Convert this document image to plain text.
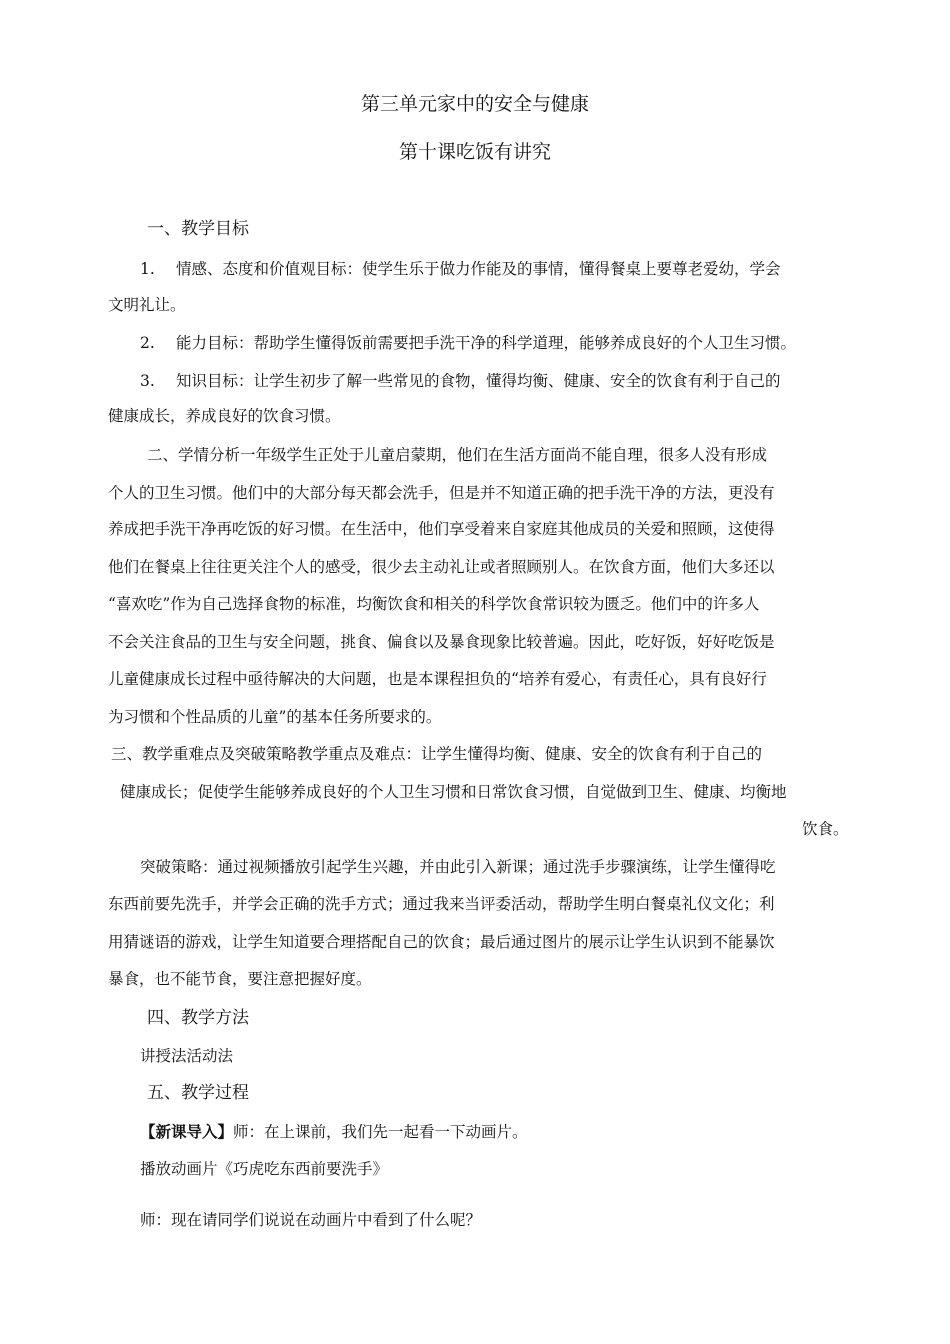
第三单元家中的安全与健康
第十课吃饭有讲究
一、教学目标
1. 情感、态度和价值观目标：使学生乐于做力作能及的事情，懂得餐桌上要尊老爱幼，学会
文明礼让。
2. 能力目标：帮助学生懂得饭前需要把手洗干净的科学道理，能够养成良好的个人卫生习惯。
3. 知识目标：让学生初步了解一些常见的食物，懂得均衡、健康、安全的饮食有利于自己的
健康成长，养成良好的饮食习惯。
二、学情分析一年级学生正处于儿童启蒙期，他们在生活方面尚不能自理，很多人没有形成
个人的卫生习惯。他们中的大部分每天都会洗手，但是并不知道正确的把手洗干净的方法，更没有
养成把手洗干净再吃饭的好习惯。在生活中，他们享受着来自家庭其他成员的关爱和照顾，这使得
他们在餐桌上往往更关注个人的感受，很少去主动礼让或者照顾别人。在饮食方面，他们大多还以
“喜欢吃”作为自己选择食物的标准，均衡饮食和相关的科学饮食常识较为匮乏。他们中的许多人
不会关注食品的卫生与安全问题，挑食、偏食以及暴食现象比较普遍。因此，吃好饭，好好吃饭是
儿童健康成长过程中亟待解决的大问题，也是本课程担负的“培养有爱心，有责任心，具有良好行
为习惯和个性品质的儿童”的基本任务所要求的。
三、教学重难点及突破策略教学重点及难点：让学生懂得均衡、健康、安全的饮食有利于自己的
健康成长；促使学生能够养成良好的个人卫生习惯和日常饮食习惯，自觉做到卫生、健康、均衡地
饮食。
突破策略：通过视频播放引起学生兴趣，并由此引入新课；通过洗手步骤演练，让学生懂得吃
东西前要先洗手，并学会正确的洗手方式；通过我来当评委活动，帮助学生明白餐桌礼仪文化；利
用猜谜语的游戏，让学生知道要合理搭配自己的饮食；最后通过图片的展示让学生认识到不能暴饮
暴食，也不能节食，要注意把握好度。
四、教学方法
讲授法活动法
五、教学过程
【新课导入】师：在上课前，我们先一起看一下动画片。
播放动画片《巧虎吃东西前要洗手》
师：现在请同学们说说在动画片中看到了什么呢？
